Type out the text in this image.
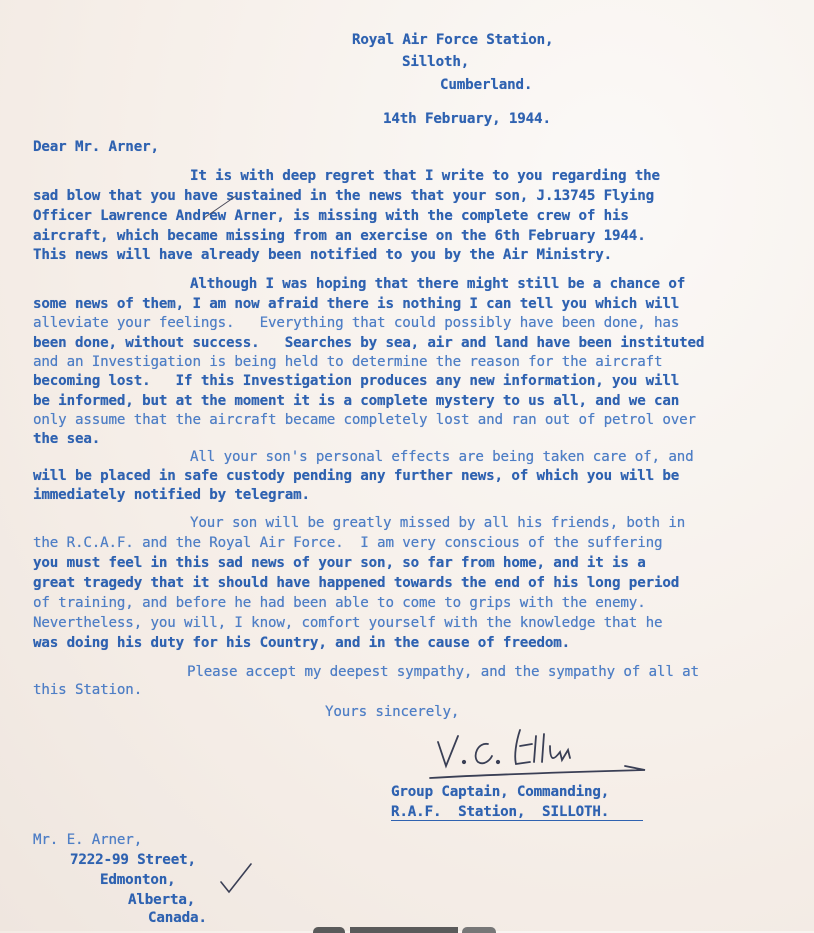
Royal Air Force Station,
Silloth,
Cumberland.
14th February, 1944.
Dear Mr. Arner,
It is with deep regret that I write to you regarding the
sad blow that you have sustained in the news that your son, J.13745 Flying
Officer Lawrence Andrew Arner, is missing with the complete crew of his
aircraft, which became missing from an exercise on the 6th February 1944.
This news will have already been notified to you by the Air Ministry.
Although I was hoping that there might still be a chance of
some news of them, I am now afraid there is nothing I can tell you which will
alleviate your feelings.   Everything that could possibly have been done, has
been done, without success.   Searches by sea, air and land have been instituted
and an Investigation is being held to determine the reason for the aircraft
becoming lost.   If this Investigation produces any new information, you will
be informed, but at the moment it is a complete mystery to us all, and we can
only assume that the aircraft became completely lost and ran out of petrol over
the sea.
All your son's personal effects are being taken care of, and
will be placed in safe custody pending any further news, of which you will be
immediately notified by telegram.
Your son will be greatly missed by all his friends, both in
the R.C.A.F. and the Royal Air Force.  I am very conscious of the suffering
you must feel in this sad news of your son, so far from home, and it is a
great tragedy that it should have happened towards the end of his long period
of training, and before he had been able to come to grips with the enemy.
Nevertheless, you will, I know, comfort yourself with the knowledge that he
was doing his duty for his Country, and in the cause of freedom.
Please accept my deepest sympathy, and the sympathy of all at
this Station.
Yours sincerely,
Group Captain, Commanding,
R.A.F.  Station,  SILLOTH.
Mr. E. Arner,
7222-99 Street,
Edmonton,
Alberta,
Canada.
